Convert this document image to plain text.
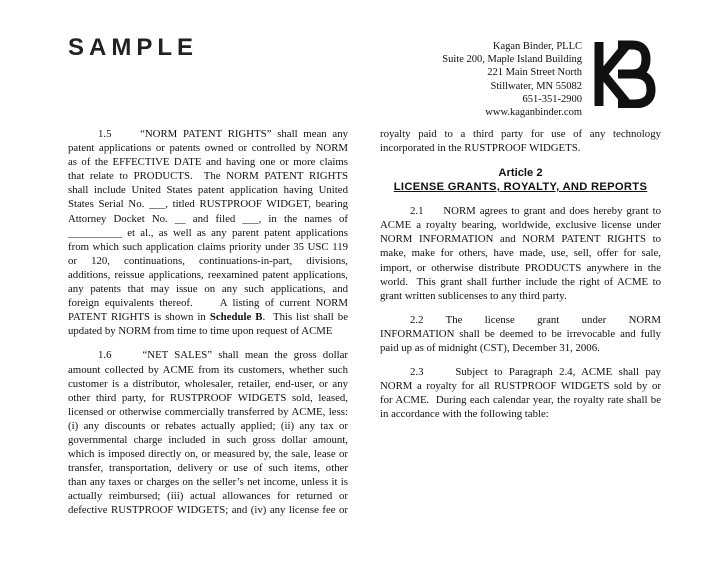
SAMPLE	Kagan Binder, PLLC
Suite 200, Maple Island Building
221 Main Street North
Stillwater, MN 55082
651-351-2900
www.kaganbinder.com

1.5     “NORM PATENT RIGHTS” shall mean any

patent applications or patents owned or controlled by NORM

as of the EFFECTIVE DATE and having one or more claims

that relate to PRODUCTS.  The NORM PATENT RIGHTS

shall include United States patent application having United

States Serial No. ___, titled RUSTPROOF WIDGET, bearing

Attorney Docket No. __ and filed ___, in the names of

__________ et al., as well as any parent patent applications

from which such application claims priority under 35 USC 119

or 120, continuations, continuations-in-part, divisions,

additions, reissue applications, reexamined patent applications,

any patents that may issue on any such applications, and

foreign equivalents thereof.     A listing of current NORM

PATENT RIGHTS is shown in Schedule B.  This list shall be

updated by NORM from time to time upon request of ACME

1.6     “NET SALES” shall mean the gross dollar

amount collected by ACME from its customers, whether such

customer is a distributor, wholesaler, retailer, end-user, or any

other third party, for RUSTPROOF WIDGETS sold, leased,

licensed or otherwise commercially transferred by ACME, less:

(i) any discounts or rebates actually applied; (ii) any tax or

governmental charge included in such gross dollar amount,

which is imposed directly on, or measured by, the sale, lease or

transfer, transportation, delivery or use of such items, other

than any taxes or charges on the seller’s net income, unless it is

actually reimbursed; (iii) actual allowances for returned or

defective RUSTPROOF WIDGETS; and (iv) any license fee or

royalty paid to a third party for use of any technology

incorporated in the RUSTPROOF WIDGETS.

Article 2

LICENSE GRANTS, ROYALTY, AND REPORTS

2.1     NORM agrees to grant and does hereby grant to

ACME a royalty bearing, worldwide, exclusive license under

NORM INFORMATION and NORM PATENT RIGHTS to

make, make for others, have made, use, sell, offer for sale,

import, or otherwise distribute PRODUCTS anywhere in the

world.  This grant shall further include the right of ACME to

grant written sublicenses to any third party.

2.2     The     license     grant     under     NORM

INFORMATION shall be deemed to be irrevocable and fully

paid up as of midnight (CST), December 31, 2006.

2.3     Subject to Paragraph 2.4, ACME shall pay

NORM a royalty for all RUSTPROOF WIDGETS sold by or

for ACME.  During each calendar year, the royalty rate shall be

in accordance with the following table:
